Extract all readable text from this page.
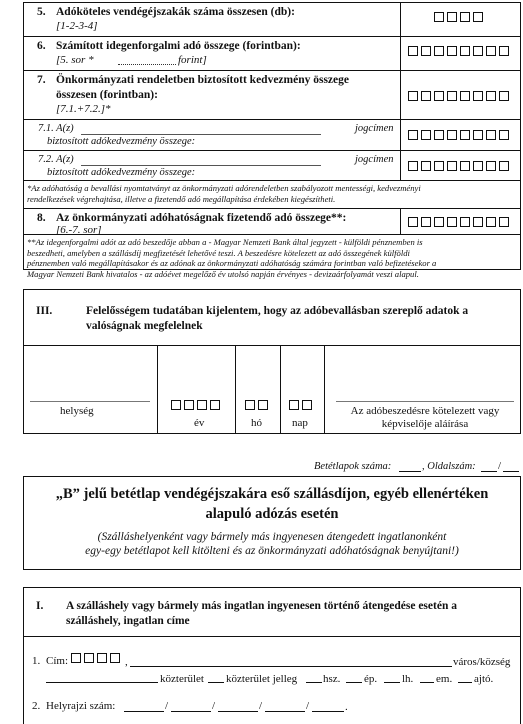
5. Adóköteles vendégéjszakák száma összesen (db):
[1-2-3-4]
6. Számított idegenforgalmi adó összege (forintban):
[5. sor *	forint]
7. Önkormányzati rendeletben biztosított kedvezmény összege
összesen (forintban):
[7.1.+7.2.]*
7.1. A(z)	jogcímen
biztosított adókedvezmény összege:
7.2. A(z)	jogcímen
biztosított adókedvezmény összege:
*Az adóhatóság a bevallási nyomtatványt az önkormányzati adórendeletben szabályozott mentességi, kedvezményi
rendelkezések végrehajtása, illetve a fizetendő adó megállapítása érdekében kiegészítheti.
8. Az önkormányzati adóhatóságnak fizetendő adó összege**:
[6.-7. sor]
**Az idegenforgalmi adót az adó beszedője abban a - Magyar Nemzeti Bank által jegyzett - külföldi pénznemben is
beszedheti, amelyben a szállásdíj megfizetését lehetővé teszi. A beszedésre kötelezett az adó összegének külföldi
pénznemben való megállapításakor és az adónak az önkormányzati adóhatóság számára forintban való befizetésekor a
Magyar Nemzeti Bank hivatalos - az adóévet megelőző év utolsó napján érvényes - devizaárfolyamát veszi alapul.
III.	Felelősségem tudatában kijelentem, hogy az adóbevallásban szereplő adatok a
valóságnak megfelelnek
helység
év	hó	nap
Az adóbeszedésre kötelezett vagy
képviselője aláírása
Betétlapok száma:	, Oldalszám: /
„B” jelű betétlap vendégéjszakára eső szállásdíjon, egyéb ellenértéken
alapuló adózás esetén
(Szálláshelyenként vagy bármely más ingyenesen átengedett ingatlanonként
egy-egy betétlapot kell kitölteni és az önkormányzati adóhatóságnak benyújtani!)
I. A szálláshely vagy bármely más ingatlan ingyenesen történő átengedése esetén a
szálláshely, ingatlan címe
1. Cím:	,	város/község
közterület közterület jelleg hsz. ép. lh. em. ajtó.
2. Helyrajzi szám:	/	/	/	/	.
